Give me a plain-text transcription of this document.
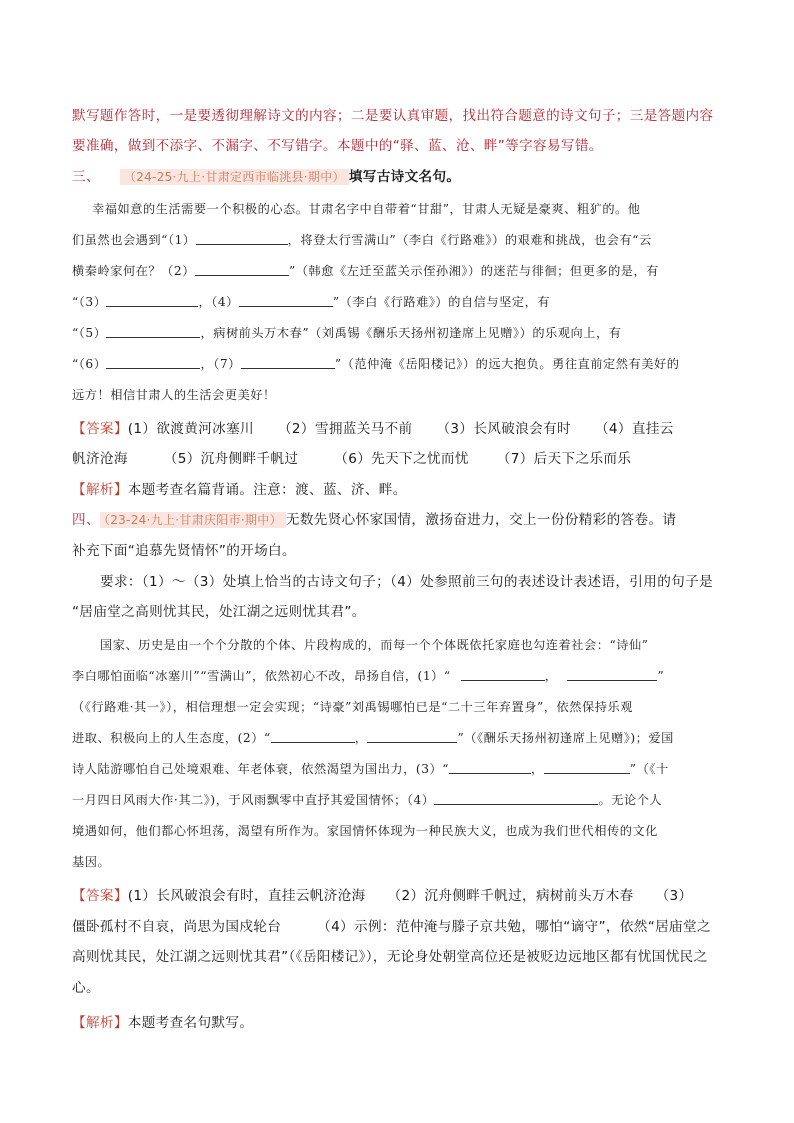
默写题作答时，一是要透彻理解诗文的内容；二是要认真审题，找出符合题意的诗文句子；三是答题内容
要准确，做到不添字、不漏字、不写错字。本题中的“驿、蓝、沧、畔”等字容易写错。
三、 （24-25·九上·甘肃定西市临洮县·期中） 填写古诗文名句。
幸福如意的生活需要一个积极的心态。甘肃名字中自带着“甘甜”，甘肃人无疑是豪爽、粗犷的。他
们虽然也会遇到“（1）	，将登太行雪满山”（李白《行路难》）的艰难和挑战，也会有“云
横秦岭家何在？（2）	”（韩愈《左迁至蓝关示侄孙湘》）的迷茫与徘徊；但更多的是，有
“（3）	，（4）	”（李白《行路难》）的自信与坚定，有
“（5）	，病树前头万木春”（刘禹锡《酬乐天扬州初逢席上见赠》）的乐观向上，有
“（6）	，（7）	”（范仲淹《岳阳楼记》）的远大抱负。勇往直前定然有美好的
远方！相信甘肃人的生活会更美好！
【答案】(1）欲渡黄河冰塞川 （2）雪拥蓝关马不前 （3）长风破浪会有时 （4）直挂云
帆济沧海	（5）沉舟侧畔千帆过	（6）先天下之忧而忧 （7）后天下之乐而乐
【解析】本题考查名篇背诵。注意：渡、蓝、济、畔。
四、 （23-24·九上·甘肃庆阳市·期中） 无数先贤心怀家国情，激扬奋进力，交上一份份精彩的答卷。请
补充下面“追慕先贤情怀”的开场白。
要求：（1）～（3）处填上恰当的古诗文句子；（4）处参照前三句的表述设计表述语，引用的句子是
“居庙堂之高则忧其民，处江湖之远则忧其君”。
国家、历史是由一个个分散的个体、片段构成的，而每一个个体既依托家庭也勾连着社会：“诗仙”
李白哪怕面临“冰塞川”“雪满山”，依然初心不改，昂扬自信，(1）“	，	”
（《行路难·其一》），相信理想一定会实现；“诗豪”刘禹锡哪怕已是“二十三年弃置身”，依然保持乐观
进取、积极向上的人生态度，(2）“	，	”（《酬乐天扬州初逢席上见赠》)；爱国
诗人陆游哪怕自己处境艰难、年老体衰，依然渴望为国出力，(3）“	，	”（《十
一月四日风雨大作·其二》)，于风雨飘零中直抒其爱国情怀；（4）	。无论个人
境遇如何，他们都心怀坦荡，渴望有所作为。家国情怀体现为一种民族大义，也成为我们世代相传的文化
基因。
【答案】(1）长风破浪会有时，直挂云帆济沧海 （2）沉舟侧畔千帆过，病树前头万木春 （3）
僵卧孤村不自哀，尚思为国戍轮台	（4）示例：范仲淹与滕子京共勉，哪怕“谪守”，依然“居庙堂之
高则忧其民，处江湖之远则忧其君”（《岳阳楼记》），无论身处朝堂高位还是被贬边远地区都有忧国忧民之
心。
【解析】本题考查名句默写。
